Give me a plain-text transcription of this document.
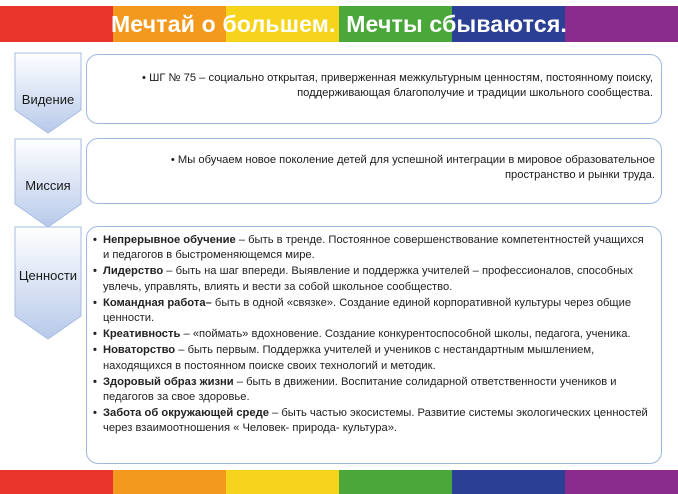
Мечтай о большем. Мечты сбываются.
Видение
• ШГ № 75 – социально открытая, приверженная межкультурным ценностям, постоянному поиску, поддерживающая благополучие и традиции школьного сообщества.
Миссия
• Мы обучаем новое поколение детей для успешной интеграции в мировое образовательное пространство и рынки труда.
Ценности
• Непрерывное обучение – быть в тренде. Постоянное совершенствование компетентностей учащихся и педагогов в быстроменяющемся мире.
• Лидерство – быть на шаг впереди. Выявление и поддержка учителей – профессионалов, способных увлечь, управлять, влиять и вести за собой школьное сообщество.
• Командная работа– быть в одной «связке». Создание единой корпоративной культуры через общие ценности.
• Креативность – «поймать» вдохновение. Создание конкурентоспособной школы, педагога, ученика.
• Новаторство – быть первым. Поддержка учителей и учеников с нестандартным мышлением, находящихся в постоянном поиске своих технологий и методик.
• Здоровый образ жизни – быть в движении. Воспитание солидарной ответственности учеников и педагогов за свое здоровье.
• Забота об окружающей среде – быть частью экосистемы. Развитие системы экологических ценностей через взаимоотношения « Человек- природа- культура».
